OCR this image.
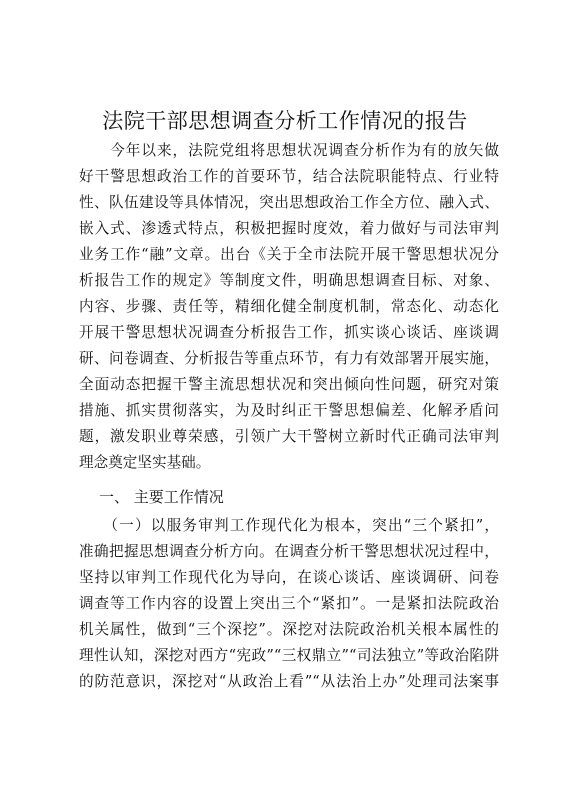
法院干部思想调查分析工作情况的报告
　　今年以来，法院党组将思想状况调查分析作为有的放矢做
好干警思想政治工作的首要环节，结合法院职能特点、行业特
性、队伍建设等具体情况，突出思想政治工作全方位、融入式、
嵌入式、渗透式特点，积极把握时度效，着力做好与司法审判
业务工作“融”文章。出台《关于全市法院开展干警思想状况分
析报告工作的规定》等制度文件，明确思想调查目标、对象、
内容、步骤、责任等，精细化健全制度机制，常态化、动态化
开展干警思想状况调查分析报告工作，抓实谈心谈话、座谈调
研、问卷调查、分析报告等重点环节，有力有效部署开展实施，
全面动态把握干警主流思想状况和突出倾向性问题，研究对策
措施、抓实贯彻落实，为及时纠正干警思想偏差、化解矛盾问
题，激发职业尊荣感，引领广大干警树立新时代正确司法审判
理念奠定坚实基础。
一、 主要工作情况
　　（一）以服务审判工作现代化为根本，突出“三个紧扣”，
准确把握思想调查分析方向。在调查分析干警思想状况过程中，
坚持以审判工作现代化为导向，在谈心谈话、座谈调研、问卷
调查等工作内容的设置上突出三个“紧扣”。一是紧扣法院政治
机关属性，做到“三个深挖”。深挖对法院政治机关根本属性的
理性认知，深挖对西方“宪政”“三权鼎立”“司法独立”等政治陷阱
的防范意识，深挖对“从政治上看”“从法治上办”处理司法案事
